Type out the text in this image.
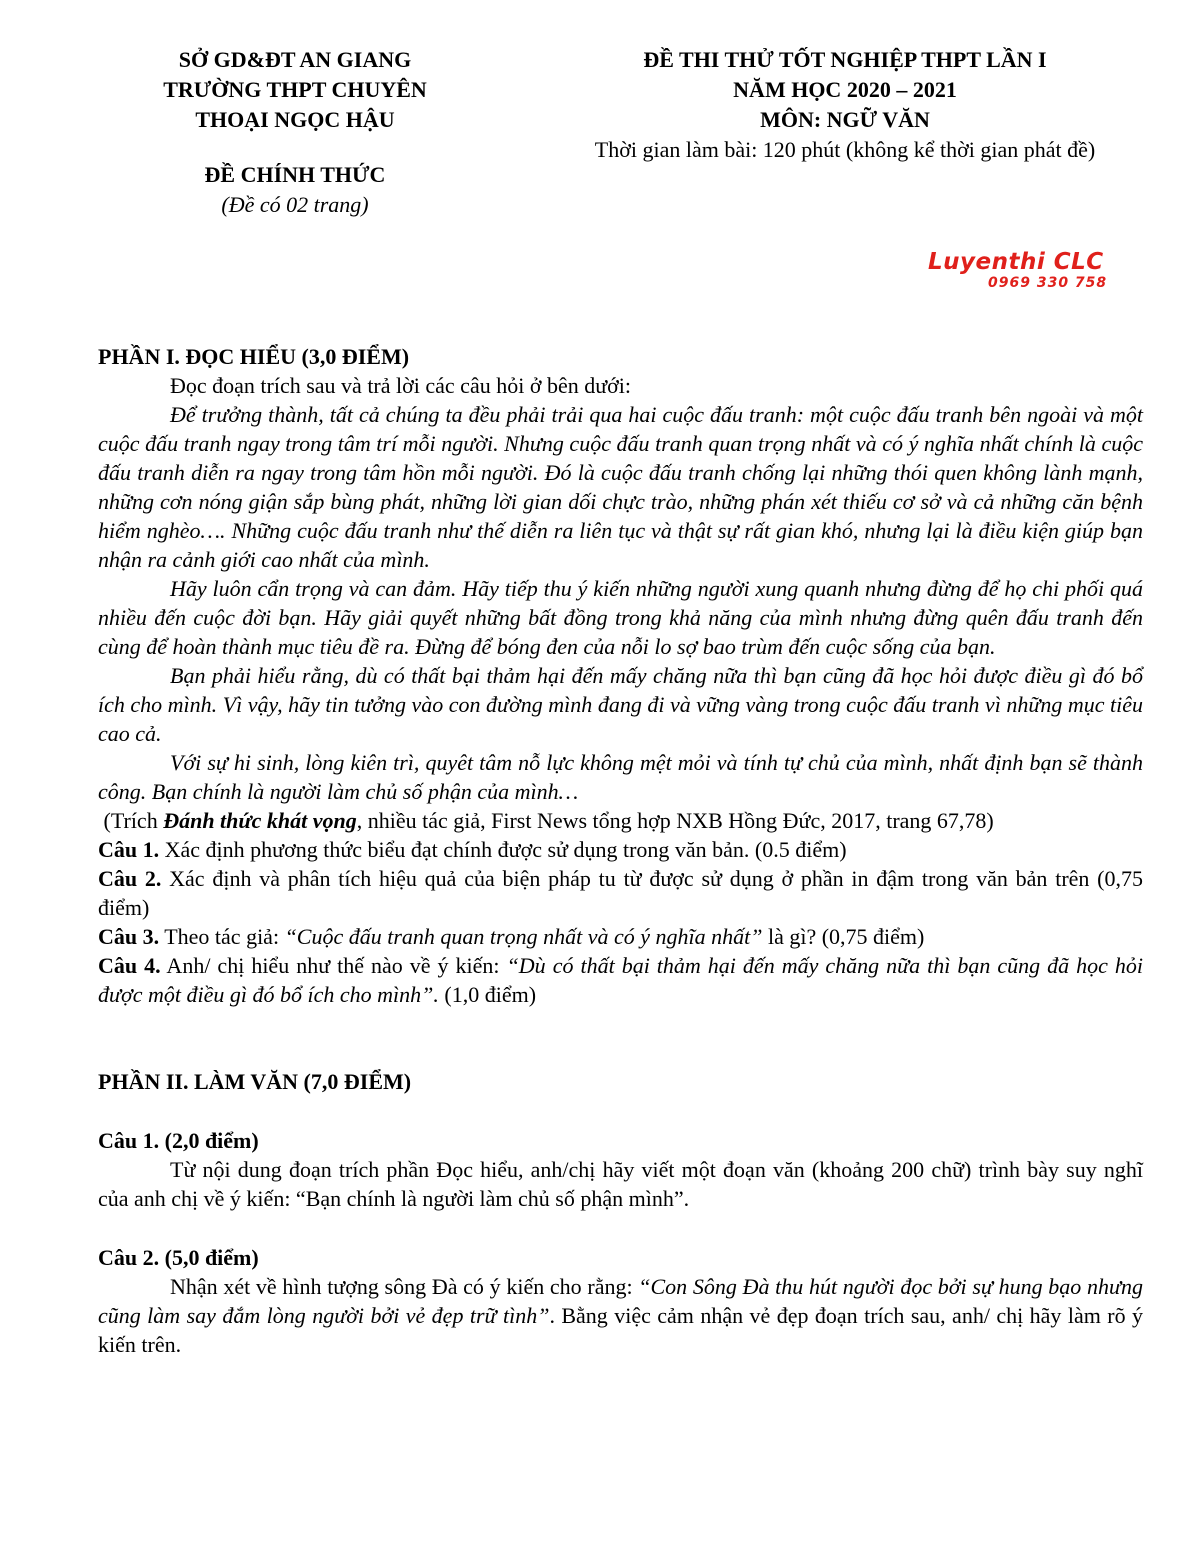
SỞ GD&ĐT AN GIANG
TRƯỜNG THPT CHUYÊN
THOẠI NGỌC HẬU
ĐỀ CHÍNH THỨC
(Đề có 02 trang)
ĐỀ THI THỬ TỐT NGHIỆP THPT LẦN I
NĂM HỌC 2020 – 2021
MÔN: NGỮ VĂN
Thời gian làm bài: 120 phút (không kể thời gian phát đề)
Luyenthi CLC
0969 330 758

PHẦN I. ĐỌC HIỂU (3,0 ĐIỂM)

Đọc đoạn trích sau và trả lời các câu hỏi ở bên dưới:

Để trưởng thành, tất cả chúng ta đều phải trải qua hai cuộc đấu tranh: một cuộc đấu tranh bên ngoài và một cuộc đấu tranh ngay trong tâm trí mỗi người. Nhưng cuộc đấu tranh quan trọng nhất và có ý nghĩa nhất chính là cuộc đấu tranh diễn ra ngay trong tâm hồn mỗi người. Đó là cuộc đấu tranh chống lại những thói quen không lành mạnh, những cơn nóng giận sắp bùng phát, những lời gian dối chực trào, những phán xét thiếu cơ sở và cả những căn bệnh hiểm nghèo…. Những cuộc đấu tranh như thế diễn ra liên tục và thật sự rất gian khó, nhưng lại là điều kiện giúp bạn nhận ra cảnh giới cao nhất của mình.

Hãy luôn cẩn trọng và can đảm. Hãy tiếp thu ý kiến những người xung quanh nhưng đừng để họ chi phối quá nhiều đến cuộc đời bạn. Hãy giải quyết những bất đồng trong khả năng của mình nhưng đừng quên đấu tranh đến cùng để hoàn thành mục tiêu đề ra. Đừng để bóng đen của nỗi lo sợ bao trùm đến cuộc sống của bạn.

Bạn phải hiểu rằng, dù có thất bại thảm hại đến mấy chăng nữa thì bạn cũng đã học hỏi được điều gì đó bổ ích cho mình. Vì vậy, hãy tin tưởng vào con đường mình đang đi và vững vàng trong cuộc đấu tranh vì những mục tiêu cao cả.

Với sự hi sinh, lòng kiên trì, quyêt tâm nỗ lực không mệt mỏi và tính tự chủ của mình, nhất định bạn sẽ thành công. Bạn chính là người làm chủ số phận của mình…

(Trích Đánh thức khát vọng, nhiều tác giả, First News tổng hợp NXB Hồng Đức, 2017, trang 67,78)

Câu 1. Xác định phương thức biểu đạt chính được sử dụng trong văn bản. (0.5 điểm)

Câu 2. Xác định và phân tích hiệu quả của biện pháp tu từ được sử dụng ở phần in đậm trong văn bản trên (0,75 điểm)

Câu 3. Theo tác giả: “Cuộc đấu tranh quan trọng nhất và có ý nghĩa nhất” là gì? (0,75 điểm)

Câu 4. Anh/ chị hiểu như thế nào về ý kiến: “Dù có thất bại thảm hại đến mấy chăng nữa thì bạn cũng đã học hỏi được một điều gì đó bổ ích cho mình”. (1,0 điểm)

PHẦN II. LÀM VĂN (7,0 ĐIỂM)

Câu 1. (2,0 điểm)

Từ nội dung đoạn trích phần Đọc hiểu, anh/chị hãy viết một đoạn văn (khoảng 200 chữ) trình bày suy nghĩ của anh chị về ý kiến: “Bạn chính là người làm chủ số phận mình”.

Câu 2. (5,0 điểm)

Nhận xét về hình tượng sông Đà có ý kiến cho rằng: “Con Sông Đà thu hút người đọc bởi sự hung bạo nhưng cũng làm say đắm lòng người bởi vẻ đẹp trữ tình”. Bằng việc cảm nhận vẻ đẹp đoạn trích sau, anh/ chị hãy làm rõ ý kiến trên.
